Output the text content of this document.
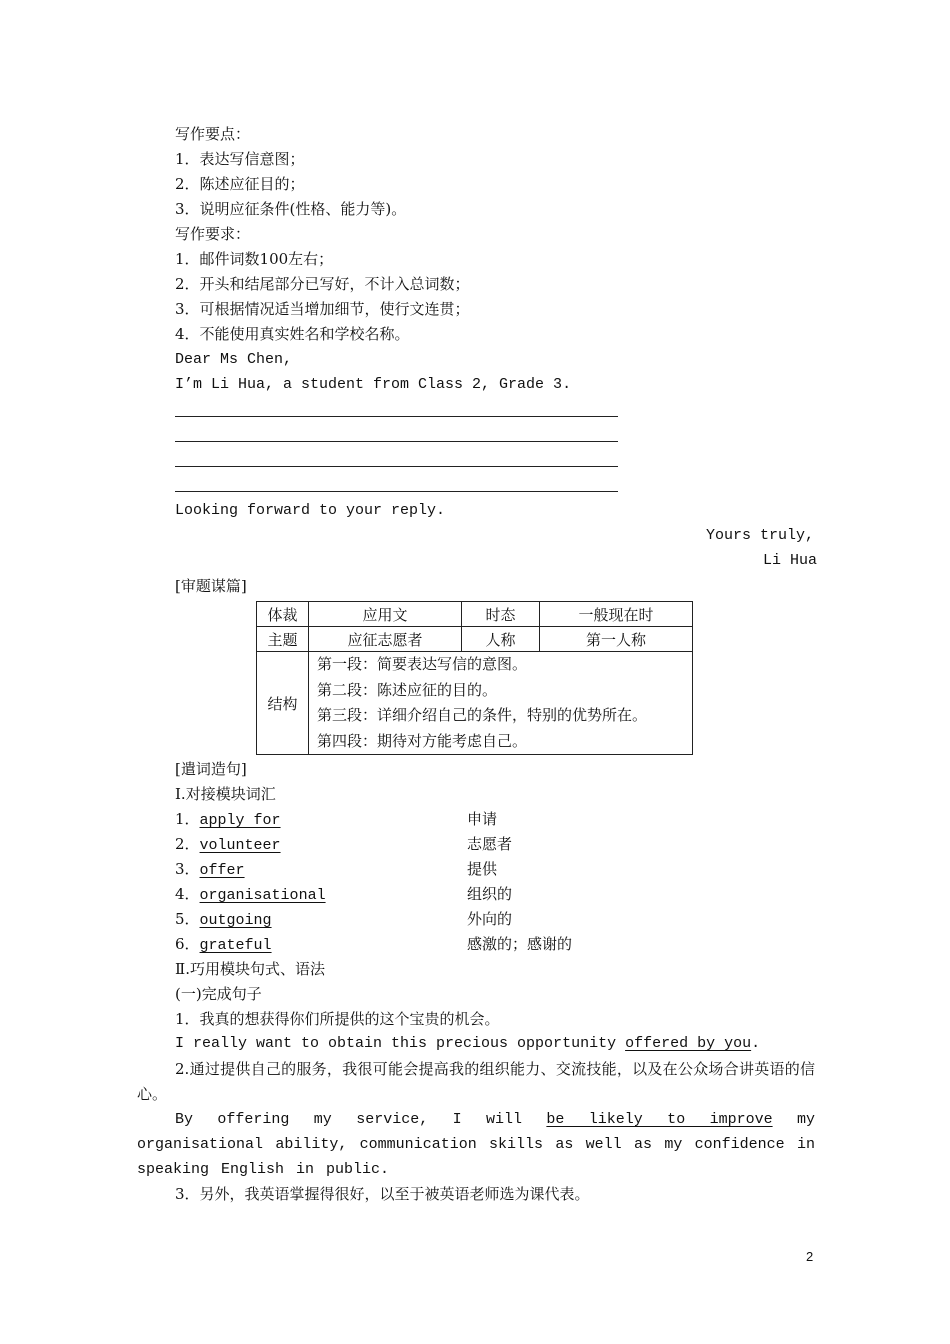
写作要点：
1．表达写信意图；
2．陈述应征目的；
3．说明应征条件(性格、能力等)。
写作要求：
1．邮件词数100左右；
2．开头和结尾部分已写好，不计入总词数；
3．可根据情况适当增加细节，使行文连贯；
4．不能使用真实姓名和学校名称。
Dear Ms Chen,
I’m Li Hua, a student from Class 2, Grade 3.
Looking forward to your reply.
Yours truly,
Li Hua
[审题谋篇]
体裁	应用文	时态	一般现在时
主题	应征志愿者	人称	第一人称
结构	第一段：简要表达写信的意图。
第二段：陈述应征的目的。
第三段：详细介绍自己的条件，特别的优势所在。
第四段：期待对方能考虑自己。		
[遣词造句]
Ⅰ.对接模块词汇
1．apply for	申请
2．volunteer	志愿者
3．offer	提供
4．organisational	组织的
5．outgoing	外向的
6．grateful	感激的；感谢的
Ⅱ.巧用模块句式、语法
(一)完成句子
1．我真的想获得你们所提供的这个宝贵的机会。
I really want to obtain this precious opportunity offered by you.
2.通过提供自己的服务，我很可能会提高我的组织能力、交流技能，以及在公众场合讲英语的信心。
By offering my service, I will be likely to improve my organisational ability, communication skills as well as my confidence in speaking English in public.
3．另外，我英语掌握得很好，以至于被英语老师选为课代表。
2
